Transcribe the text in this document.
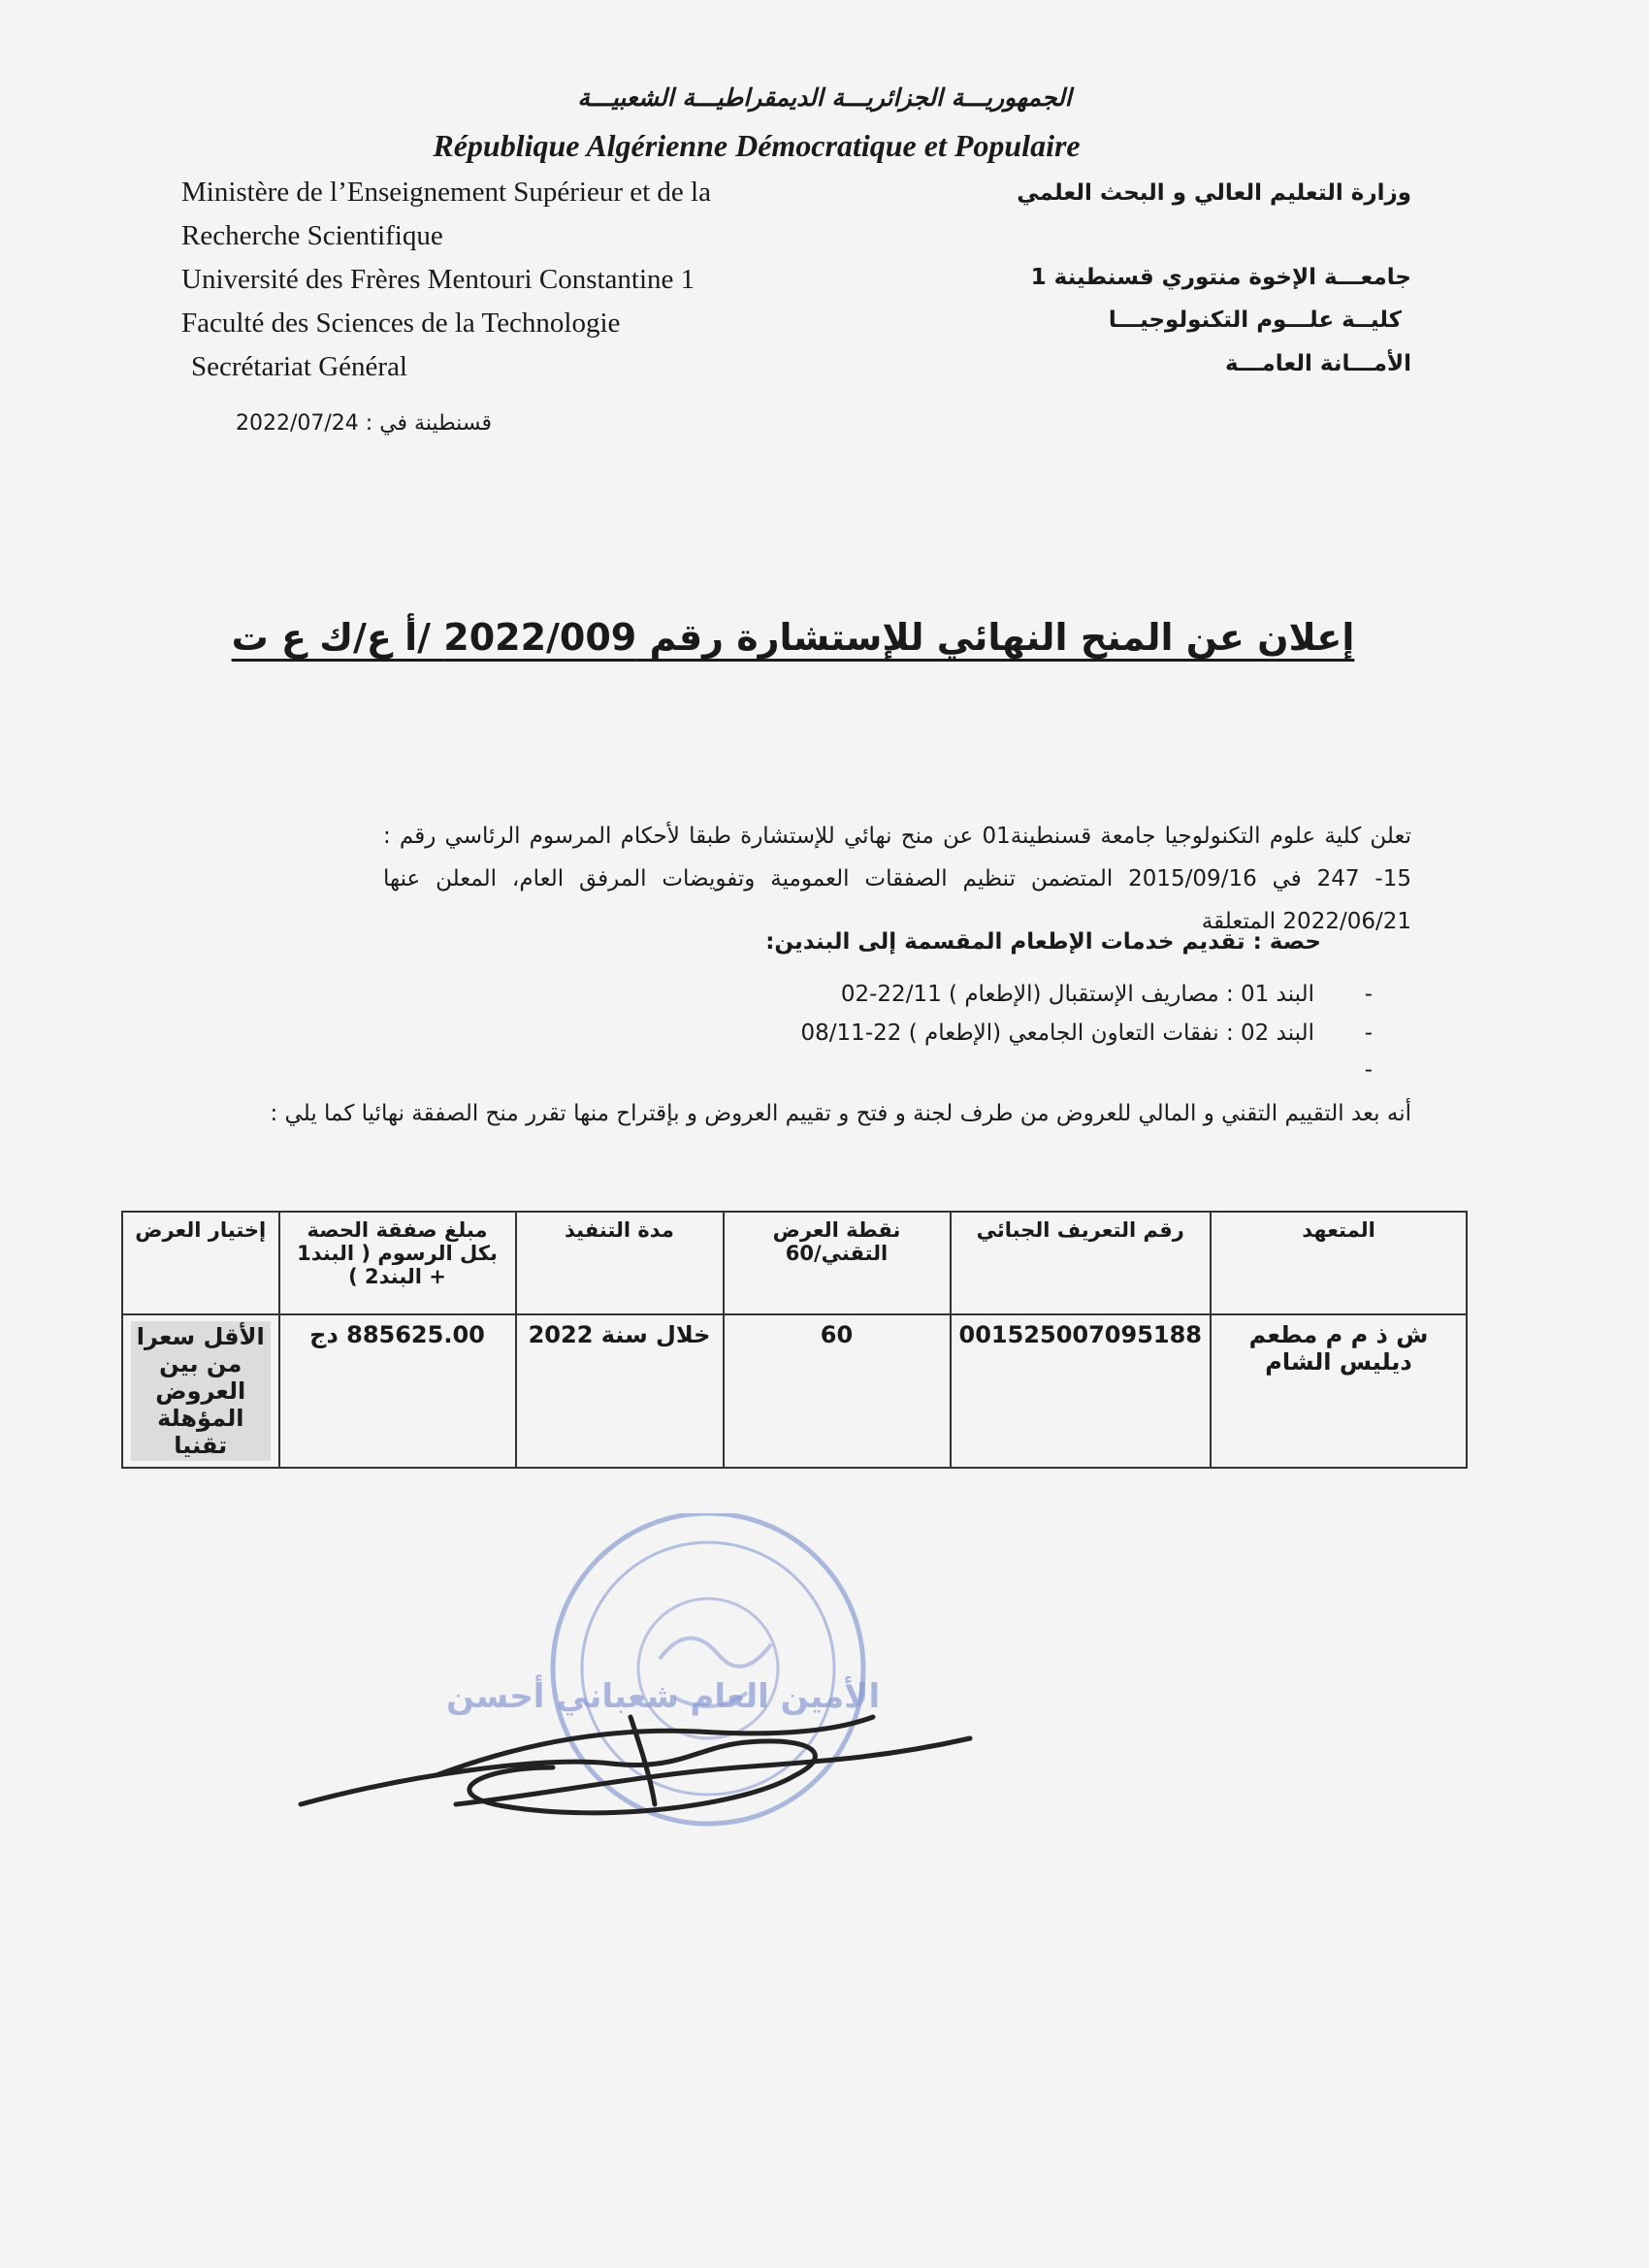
الجمهوريـــة الجزائريـــة الديمقراطيـــة الشعبيـــة
République Algérienne Démocratique et Populaire
Ministère de l’Enseignement Supérieur et de la
Recherche Scientifique
Université des Frères Mentouri Constantine 1
Faculté des Sciences de la Technologie
Secrétariat Général
وزارة التعليم العالي و البحث العلمي
جامعـــة الإخوة منتوري قسنطينة 1
كليــة علـــوم التكنولوجيـــا
الأمـــانة العامـــة
قسنطينة في : 2022/07/24
إعلان عن المنح النهائي للإستشارة رقم 2022/009 /أ ع/ك ع ت
تعلن كلية علوم التكنولوجيا جامعة قسنطينة01 عن منح نهائي للإستشارة طبقا لأحكام المرسوم الرئاسي رقم : 15- 247 في 2015/09/16 المتضمن تنظيم الصفقات العمومية وتفويضات المرفق العام، المعلن عنها 2022/06/21 المتعلقة
حصة : تقديم خدمات الإطعام المقسمة إلى البندين:
-
البند 01 : مصاريف الإستقبال (الإطعام ) 22/11-02
-
البند 02 : نفقات التعاون الجامعي (الإطعام ) 22-08/11
-
أنه بعد التقييم التقني و المالي للعروض من طرف لجنة و فتح و تقييم العروض و بإقتراح منها تقرر منح الصفقة نهائيا كما يلي :
المتعهد	رقم التعريف الجبائي	نقطة العرض التقني/60	مدة التنفيذ	مبلغ صفقة الحصة بكل الرسوم ( البند1 + البند2 )	إختيار العرض
ش ذ م م مطعم ديليس الشام	001525007095188	60	خلال سنة 2022	885625.00 دج	الأقل سعرا من بين العروض المؤهلة تقنيا
الأمين العام شعباني أحسن
